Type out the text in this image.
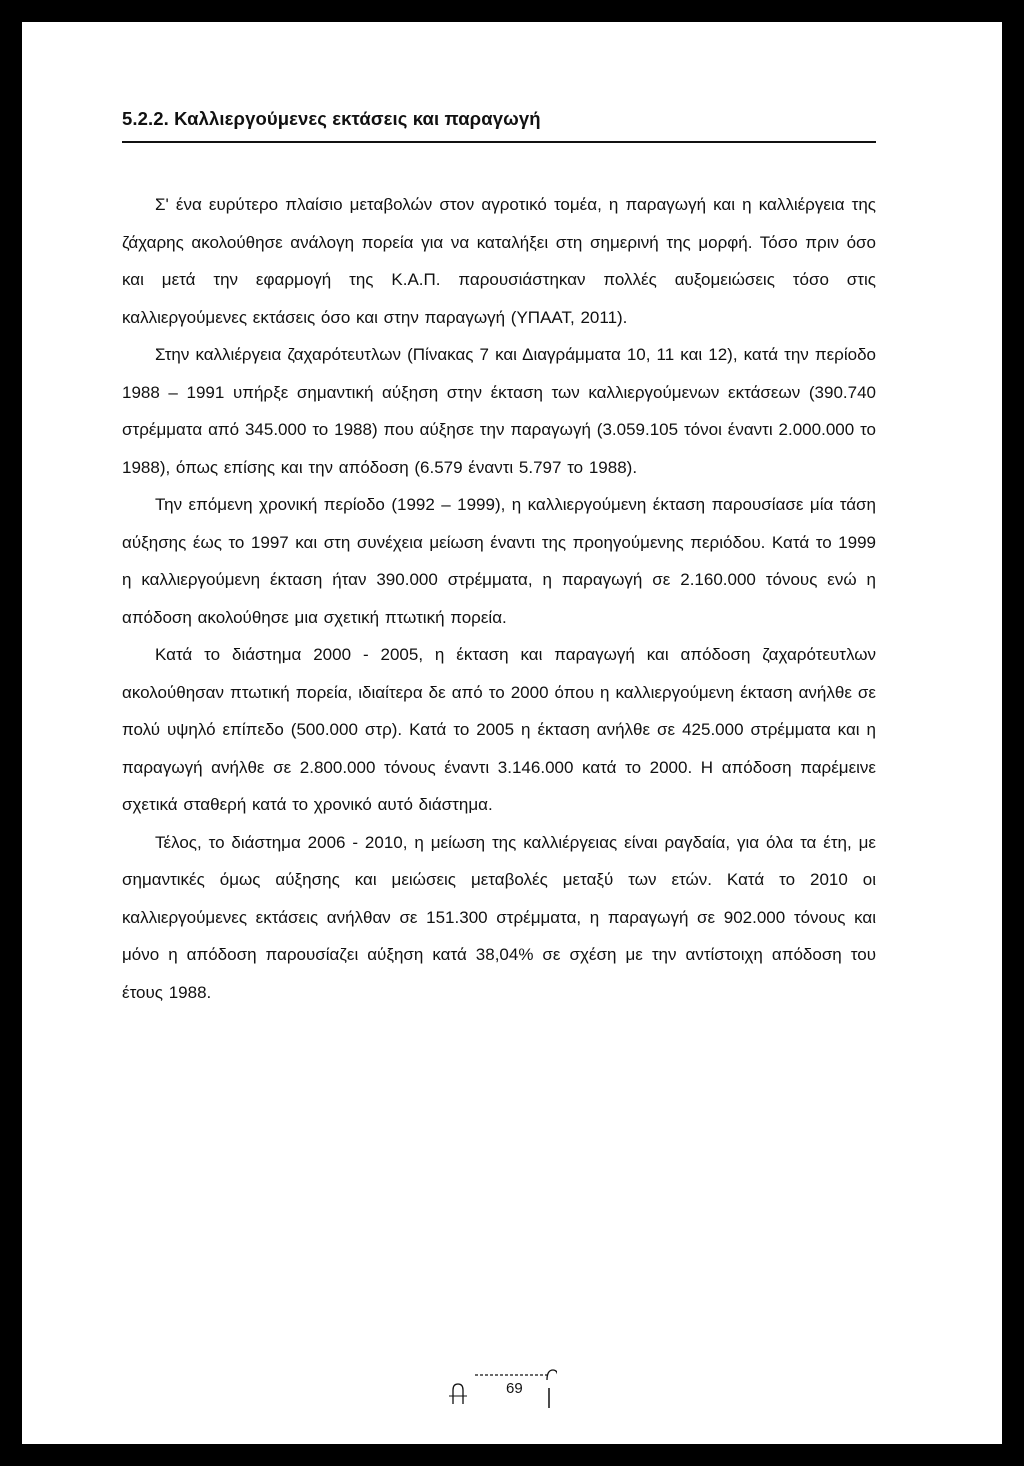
5.2.2. Καλλιεργούμενες εκτάσεις και παραγωγή

Σ' ένα ευρύτερο πλαίσιο μεταβολών στον αγροτικό τομέα, η παραγωγή και η καλλιέργεια της ζάχαρης ακολούθησε ανάλογη πορεία για να καταλήξει στη σημερινή της μορφή. Τόσο πριν όσο και μετά την εφαρμογή της Κ.Α.Π. παρουσιάστηκαν πολλές αυξομειώσεις τόσο στις καλλιεργούμενες εκτάσεις όσο και στην παραγωγή (ΥΠΑΑΤ, 2011).

Στην καλλιέργεια ζαχαρότευτλων (Πίνακας 7 και Διαγράμματα 10, 11 και 12), κατά την περίοδο 1988 – 1991 υπήρξε σημαντική αύξηση στην έκταση των καλλιεργούμενων εκτάσεων (390.740 στρέμματα από 345.000 το 1988) που αύξησε την παραγωγή (3.059.105 τόνοι έναντι 2.000.000 το 1988), όπως επίσης και την απόδοση (6.579 έναντι 5.797 το 1988).

Την επόμενη χρονική περίοδο (1992 – 1999), η καλλιεργούμενη έκταση παρουσίασε μία τάση αύξησης έως το 1997 και στη συνέχεια μείωση έναντι της προηγούμενης περιόδου. Κατά το 1999 η καλλιεργούμενη έκταση ήταν 390.000 στρέμματα, η παραγωγή σε 2.160.000 τόνους ενώ η απόδοση ακολούθησε μια σχετική πτωτική πορεία.

Κατά το διάστημα 2000 - 2005, η έκταση και παραγωγή και απόδοση ζαχαρότευτλων ακολούθησαν πτωτική πορεία, ιδιαίτερα δε από το 2000 όπου η καλλιεργούμενη έκταση ανήλθε σε πολύ υψηλό επίπεδο (500.000 στρ). Κατά το 2005 η έκταση ανήλθε σε 425.000 στρέμματα και η παραγωγή ανήλθε σε 2.800.000 τόνους έναντι 3.146.000 κατά το 2000. Η απόδοση παρέμεινε σχετικά σταθερή κατά το χρονικό αυτό διάστημα.

Τέλος, το διάστημα 2006 - 2010, η μείωση της καλλιέργειας είναι ραγδαία, για όλα τα έτη, με σημαντικές όμως αύξησης και μειώσεις μεταβολές μεταξύ των ετών. Κατά το 2010 οι καλλιεργούμενες εκτάσεις ανήλθαν σε 151.300 στρέμματα, η παραγωγή σε 902.000 τόνους και μόνο η απόδοση παρουσίαζει αύξηση κατά 38,04% σε σχέση με την αντίστοιχη απόδοση του έτους 1988.

69
